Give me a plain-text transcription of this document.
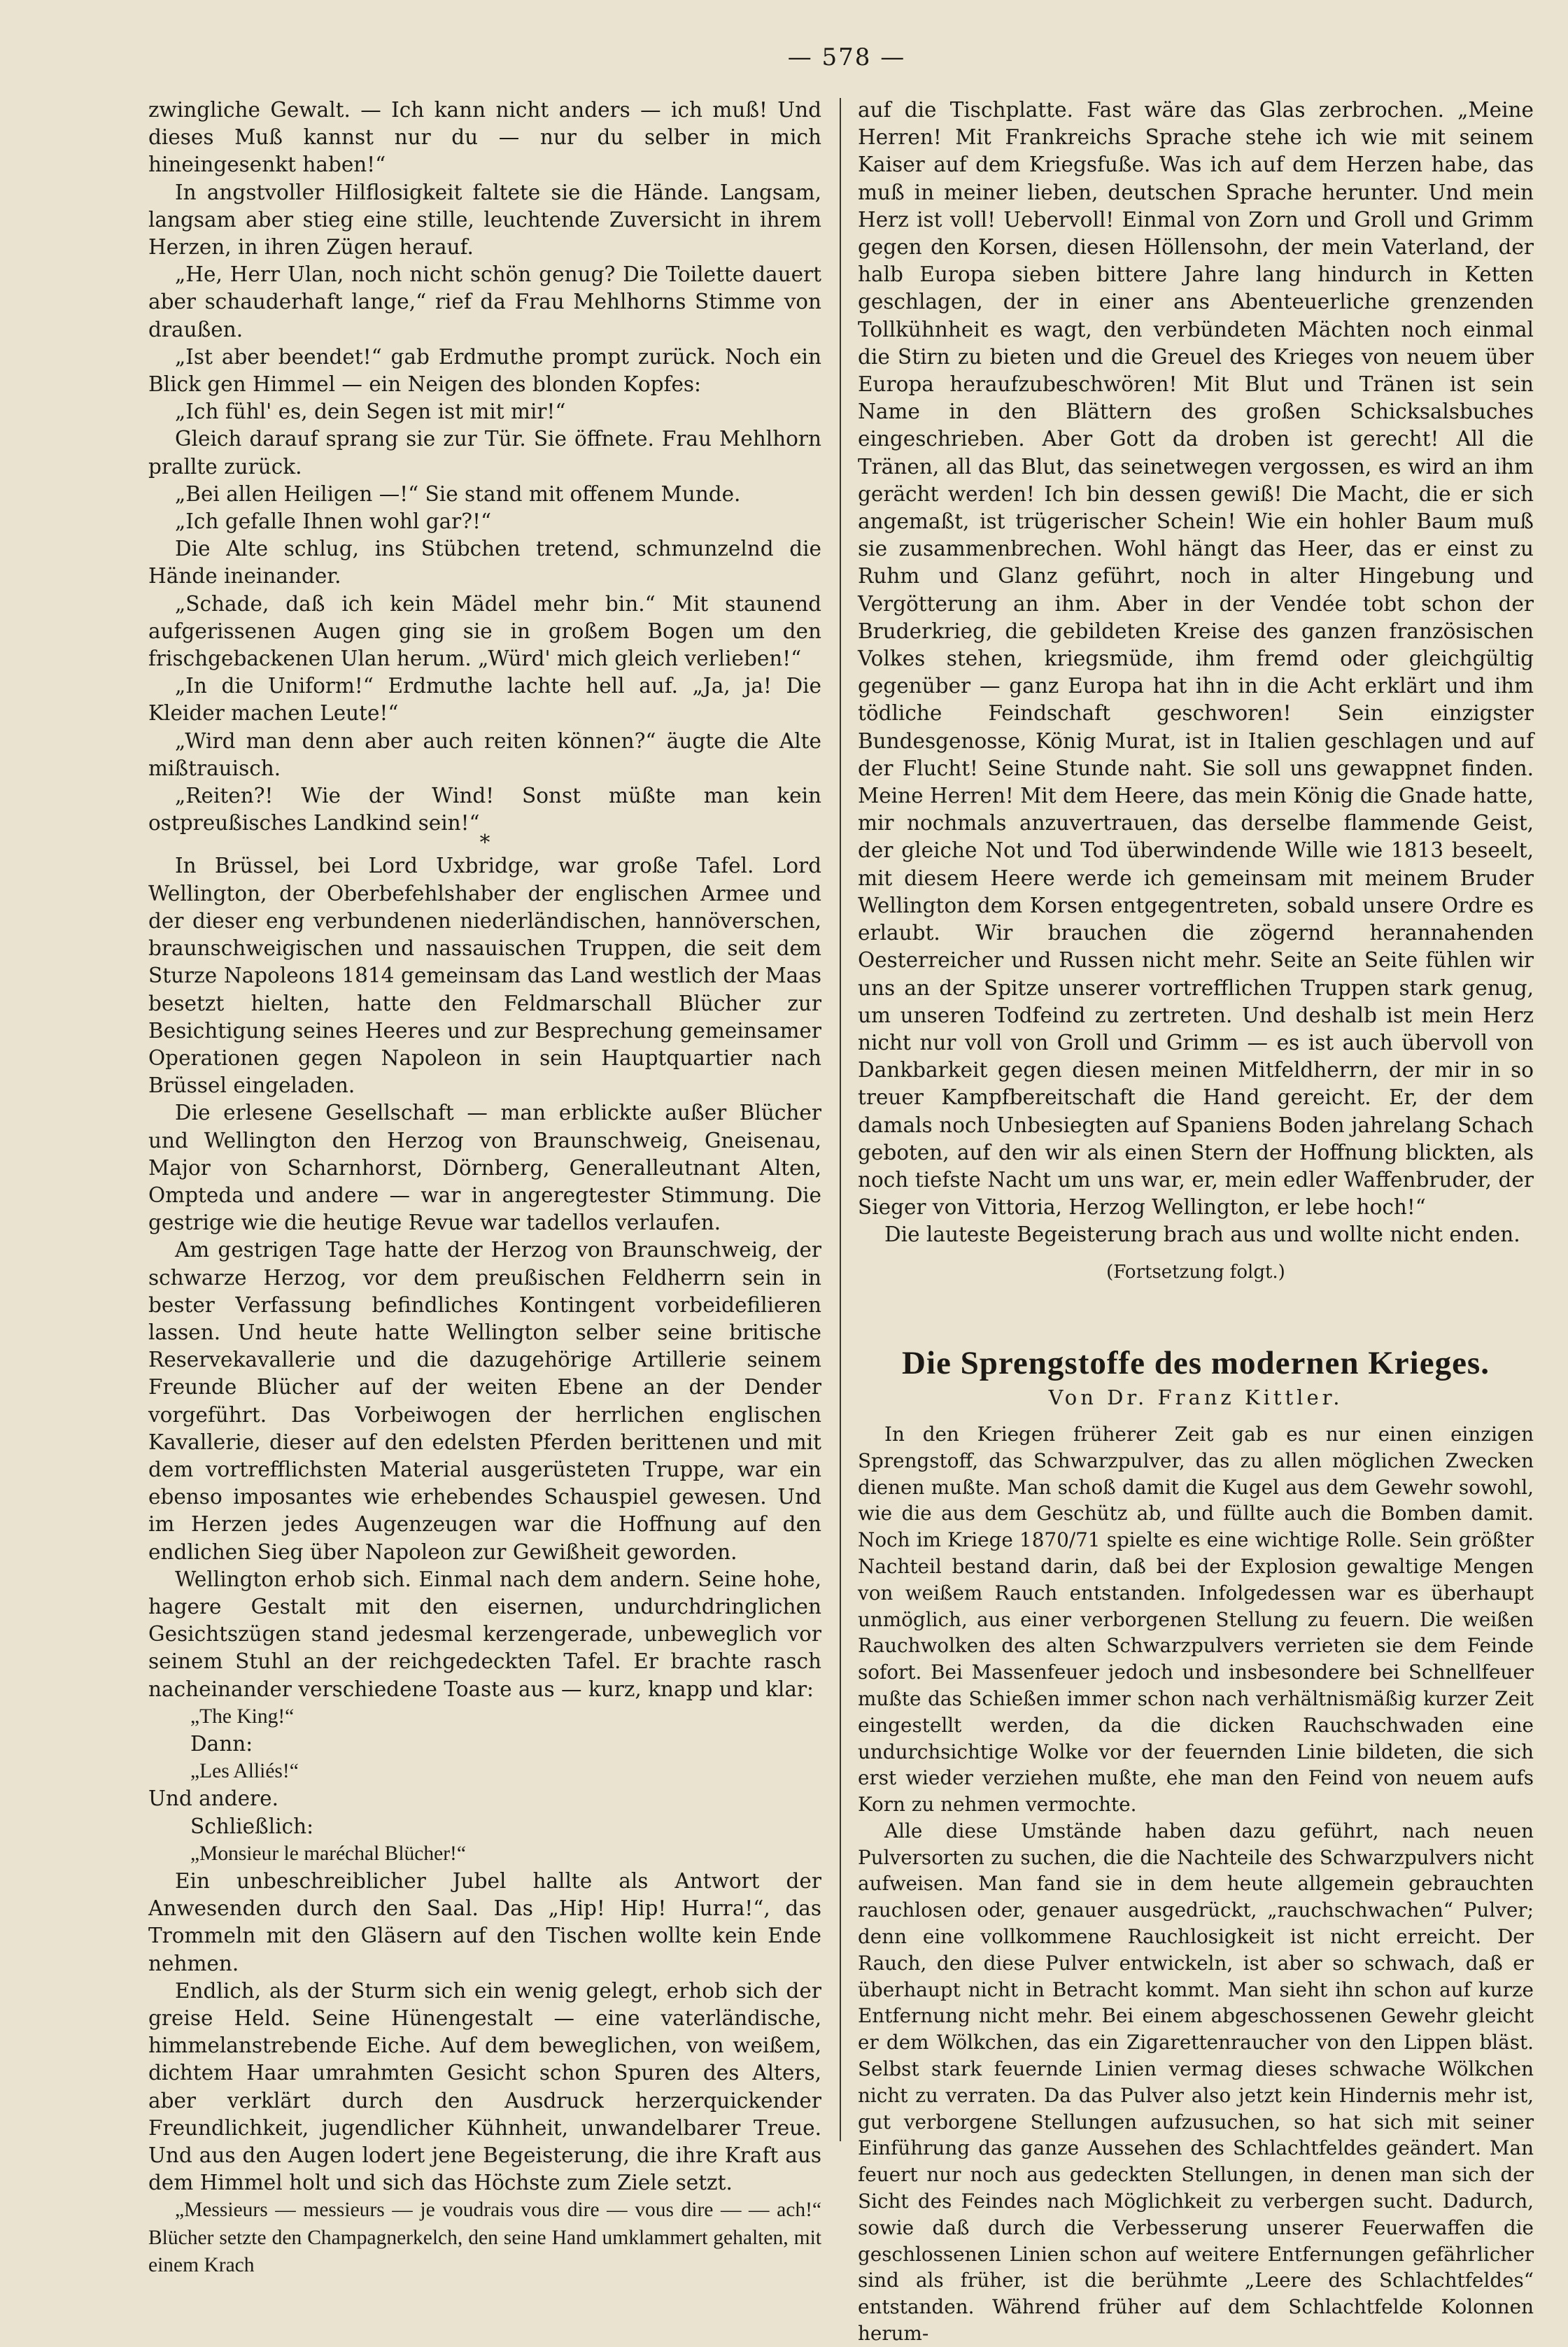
— 578 —

zwingliche Gewalt. — Ich kann nicht anders — ich muß! Und dieses Muß kannst nur du — nur du selber in mich hineingesenkt haben!“

In angstvoller Hilflosigkeit faltete sie die Hände. Langsam, langsam aber stieg eine stille, leuchtende Zuversicht in ihrem Herzen, in ihren Zügen herauf.

„He, Herr Ulan, noch nicht schön genug? Die Toilette dauert aber schauderhaft lange,“ rief da Frau Mehlhorns Stimme von draußen.

„Ist aber beendet!“ gab Erdmuthe prompt zurück. Noch ein Blick gen Himmel — ein Neigen des blonden Kopfes:

„Ich fühl' es, dein Segen ist mit mir!“

Gleich darauf sprang sie zur Tür. Sie öffnete. Frau Mehlhorn prallte zurück.

„Bei allen Heiligen —!“ Sie stand mit offenem Munde.

„Ich gefalle Ihnen wohl gar?!“

Die Alte schlug, ins Stübchen tretend, schmunzelnd die Hände ineinander.

„Schade, daß ich kein Mädel mehr bin.“ Mit staunend aufgerissenen Augen ging sie in großem Bogen um den frischgebackenen Ulan herum. „Würd' mich gleich verlieben!“

„In die Uniform!“ Erdmuthe lachte hell auf. „Ja, ja! Die Kleider machen Leute!“

„Wird man denn aber auch reiten können?“ äugte die Alte mißtrauisch.

„Reiten?! Wie der Wind! Sonst müßte man kein ostpreußisches Landkind sein!“

*

In Brüssel, bei Lord Uxbridge, war große Tafel. Lord Wellington, der Oberbefehlshaber der englischen Armee und der dieser eng verbundenen niederländischen, hannöverschen, braunschweigischen und nassauischen Truppen, die seit dem Sturze Napoleons 1814 gemeinsam das Land westlich der Maas besetzt hielten, hatte den Feldmarschall Blücher zur Besichtigung seines Heeres und zur Besprechung gemeinsamer Operationen gegen Napoleon in sein Hauptquartier nach Brüssel eingeladen.

Die erlesene Gesellschaft — man erblickte außer Blücher und Wellington den Herzog von Braunschweig, Gneisenau, Major von Scharnhorst, Dörnberg, Generalleutnant Alten, Ompteda und andere — war in angeregtester Stimmung. Die gestrige wie die heutige Revue war tadellos verlaufen.

Am gestrigen Tage hatte der Herzog von Braunschweig, der schwarze Herzog, vor dem preußischen Feldherrn sein in bester Verfassung befindliches Kontingent vorbeidefilieren lassen. Und heute hatte Wellington selber seine britische Reservekavallerie und die dazugehörige Artillerie seinem Freunde Blücher auf der weiten Ebene an der Dender vorgeführt. Das Vorbeiwogen der herrlichen englischen Kavallerie, dieser auf den edelsten Pferden berittenen und mit dem vortrefflichsten Material ausgerüsteten Truppe, war ein ebenso imposantes wie erhebendes Schauspiel gewesen. Und im Herzen jedes Augenzeugen war die Hoffnung auf den endlichen Sieg über Napoleon zur Gewißheit geworden.

Wellington erhob sich. Einmal nach dem andern. Seine hohe, hagere Gestalt mit den eisernen, undurchdringlichen Gesichtszügen stand jedesmal kerzengerade, unbeweglich vor seinem Stuhl an der reichgedeckten Tafel. Er brachte rasch nacheinander verschiedene Toaste aus — kurz, knapp und klar:

„The King!“

Dann:

„Les Alliés!“

Und andere.

Schließlich:

„Monsieur le maréchal Blücher!“

Ein unbeschreiblicher Jubel hallte als Antwort der Anwesenden durch den Saal. Das „Hip! Hip! Hurra!“, das Trommeln mit den Gläsern auf den Tischen wollte kein Ende nehmen.

Endlich, als der Sturm sich ein wenig gelegt, erhob sich der greise Held. Seine Hünengestalt — eine vaterländische, himmelanstrebende Eiche. Auf dem beweglichen, von weißem, dichtem Haar umrahmten Gesicht schon Spuren des Alters, aber verklärt durch den Ausdruck herzerquickender Freundlichkeit, jugendlicher Kühnheit, unwandelbarer Treue. Und aus den Augen lodert jene Begeisterung, die ihre Kraft aus dem Himmel holt und sich das Höchste zum Ziele setzt.

„Messieurs — messieurs — je voudrais vous dire — vous dire — — ach!“ Blücher setzte den Champagnerkelch, den seine Hand umklammert gehalten, mit einem Krach

auf die Tischplatte. Fast wäre das Glas zerbrochen. „Meine Herren! Mit Frankreichs Sprache stehe ich wie mit seinem Kaiser auf dem Kriegsfuße. Was ich auf dem Herzen habe, das muß in meiner lieben, deutschen Sprache herunter. Und mein Herz ist voll! Uebervoll! Einmal von Zorn und Groll und Grimm gegen den Korsen, diesen Höllensohn, der mein Vaterland, der halb Europa sieben bittere Jahre lang hindurch in Ketten geschlagen, der in einer ans Abenteuerliche grenzenden Tollkühnheit es wagt, den verbündeten Mächten noch einmal die Stirn zu bieten und die Greuel des Krieges von neuem über Europa heraufzubeschwören! Mit Blut und Tränen ist sein Name in den Blättern des großen Schicksalsbuches eingeschrieben. Aber Gott da droben ist gerecht! All die Tränen, all das Blut, das seinetwegen vergossen, es wird an ihm gerächt werden! Ich bin dessen gewiß! Die Macht, die er sich angemaßt, ist trügerischer Schein! Wie ein hohler Baum muß sie zusammenbrechen. Wohl hängt das Heer, das er einst zu Ruhm und Glanz geführt, noch in alter Hingebung und Vergötterung an ihm. Aber in der Vendée tobt schon der Bruderkrieg, die gebildeten Kreise des ganzen französischen Volkes stehen, kriegsmüde, ihm fremd oder gleichgültig gegenüber — ganz Europa hat ihn in die Acht erklärt und ihm tödliche Feindschaft geschworen! Sein einzigster Bundesgenosse, König Murat, ist in Italien geschlagen und auf der Flucht! Seine Stunde naht. Sie soll uns gewappnet finden. Meine Herren! Mit dem Heere, das mein König die Gnade hatte, mir nochmals anzuvertrauen, das derselbe flammende Geist, der gleiche Not und Tod überwindende Wille wie 1813 beseelt, mit diesem Heere werde ich gemeinsam mit meinem Bruder Wellington dem Korsen entgegentreten, sobald unsere Ordre es erlaubt. Wir brauchen die zögernd herannahenden Oesterreicher und Russen nicht mehr. Seite an Seite fühlen wir uns an der Spitze unserer vortrefflichen Truppen stark genug, um unseren Todfeind zu zertreten. Und deshalb ist mein Herz nicht nur voll von Groll und Grimm — es ist auch übervoll von Dankbarkeit gegen diesen meinen Mitfeldherrn, der mir in so treuer Kampfbereitschaft die Hand gereicht. Er, der dem damals noch Unbesiegten auf Spaniens Boden jahrelang Schach geboten, auf den wir als einen Stern der Hoffnung blickten, als noch tiefste Nacht um uns war, er, mein edler Waffenbruder, der Sieger von Vittoria, Herzog Wellington, er lebe hoch!“

Die lauteste Begeisterung brach aus und wollte nicht enden.

(Fortsetzung folgt.)

Die Sprengstoffe des modernen Krieges.
Von Dr. Franz Kittler.

In den Kriegen früherer Zeit gab es nur einen einzigen Sprengstoff, das Schwarzpulver, das zu allen möglichen Zwecken dienen mußte. Man schoß damit die Kugel aus dem Gewehr sowohl, wie die aus dem Geschütz ab, und füllte auch die Bomben damit. Noch im Kriege 1870/71 spielte es eine wichtige Rolle. Sein größter Nachteil bestand darin, daß bei der Explosion gewaltige Mengen von weißem Rauch entstanden. Infolgedessen war es überhaupt unmöglich, aus einer verborgenen Stellung zu feuern. Die weißen Rauchwolken des alten Schwarzpulvers verrieten sie dem Feinde sofort. Bei Massenfeuer jedoch und insbesondere bei Schnellfeuer mußte das Schießen immer schon nach verhältnismäßig kurzer Zeit eingestellt werden, da die dicken Rauchschwaden eine undurchsichtige Wolke vor der feuernden Linie bildeten, die sich erst wieder verziehen mußte, ehe man den Feind von neuem aufs Korn zu nehmen vermochte.

Alle diese Umstände haben dazu geführt, nach neuen Pulversorten zu suchen, die die Nachteile des Schwarzpulvers nicht aufweisen. Man fand sie in dem heute allgemein gebrauchten rauchlosen oder, genauer ausgedrückt, „rauchschwachen“ Pulver; denn eine vollkommene Rauchlosigkeit ist nicht erreicht. Der Rauch, den diese Pulver entwickeln, ist aber so schwach, daß er überhaupt nicht in Betracht kommt. Man sieht ihn schon auf kurze Entfernung nicht mehr. Bei einem abgeschossenen Gewehr gleicht er dem Wölkchen, das ein Zigarettenraucher von den Lippen bläst. Selbst stark feuernde Linien vermag dieses schwache Wölkchen nicht zu verraten. Da das Pulver also jetzt kein Hindernis mehr ist, gut verborgene Stellungen aufzusuchen, so hat sich mit seiner Einführung das ganze Aussehen des Schlachtfeldes geändert. Man feuert nur noch aus gedeckten Stellungen, in denen man sich der Sicht des Feindes nach Möglichkeit zu verbergen sucht. Dadurch, sowie daß durch die Verbesserung unserer Feuerwaffen die geschlossenen Linien schon auf weitere Entfernungen gefährlicher sind als früher, ist die berühmte „Leere des Schlachtfeldes“ entstanden. Während früher auf dem Schlachtfelde Kolonnen herum-
